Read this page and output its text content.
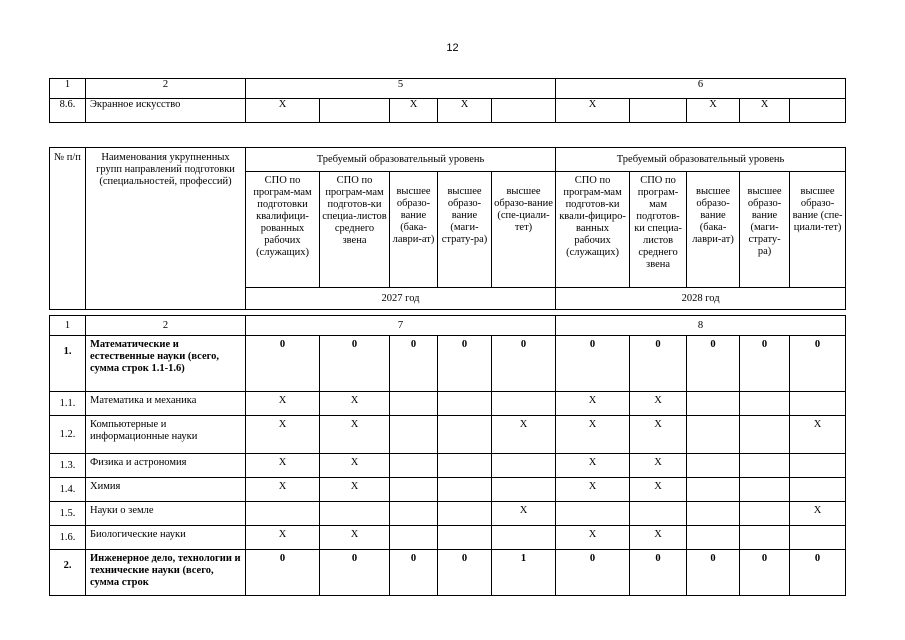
12
1	2	5					6				
8.6.	Экранное искусство	Х		Х	Х		Х		Х	Х	
№ п/п	Наименования укрупненных групп направлений подготовки (специальностей, профессий)	Требуемый образовательный уровень					Требуемый образовательный уровень				
		СПО по програм-мам подготовки квалифици-рованных рабочих (служащих)	СПО по програм-мам подготов-ки специа-листов среднего звена	высшее образо-вание (бака-лаври-ат)	высшее образо-вание (маги-страту-ра)	высшее образо-вание (спе-циали-тет)	СПО по програм-мам подготов-ки квали-фициро-ванных рабочих (служащих)	СПО по програм-мам подготов-ки специа-листов среднего звена	высшее образо-вание (бака-лаври-ат)	высшее образо-вание (маги-страту-ра)	высшее образо-вание (спе-циали-тет)
		2027 год					2028 год				
1	2	7					8				
1.	Математические и естественные науки (всего, сумма строк 1.1-1.6)	0	0	0	0	0	0	0	0	0	0
1.1.	Математика и механика	Х	Х				Х	Х			
1.2.	Компьютерные и информационные науки	Х	Х			Х	Х	Х			Х
1.3.	Физика и астрономия	Х	Х				Х	Х			
1.4.	Химия	Х	Х				Х	Х			
1.5.	Науки о земле					Х					Х
1.6.	Биологические науки	Х	Х				Х	Х			
2.	Инженерное дело, технологии и технические науки (всего, сумма строк	0	0	0	0	1	0	0	0	0	0
